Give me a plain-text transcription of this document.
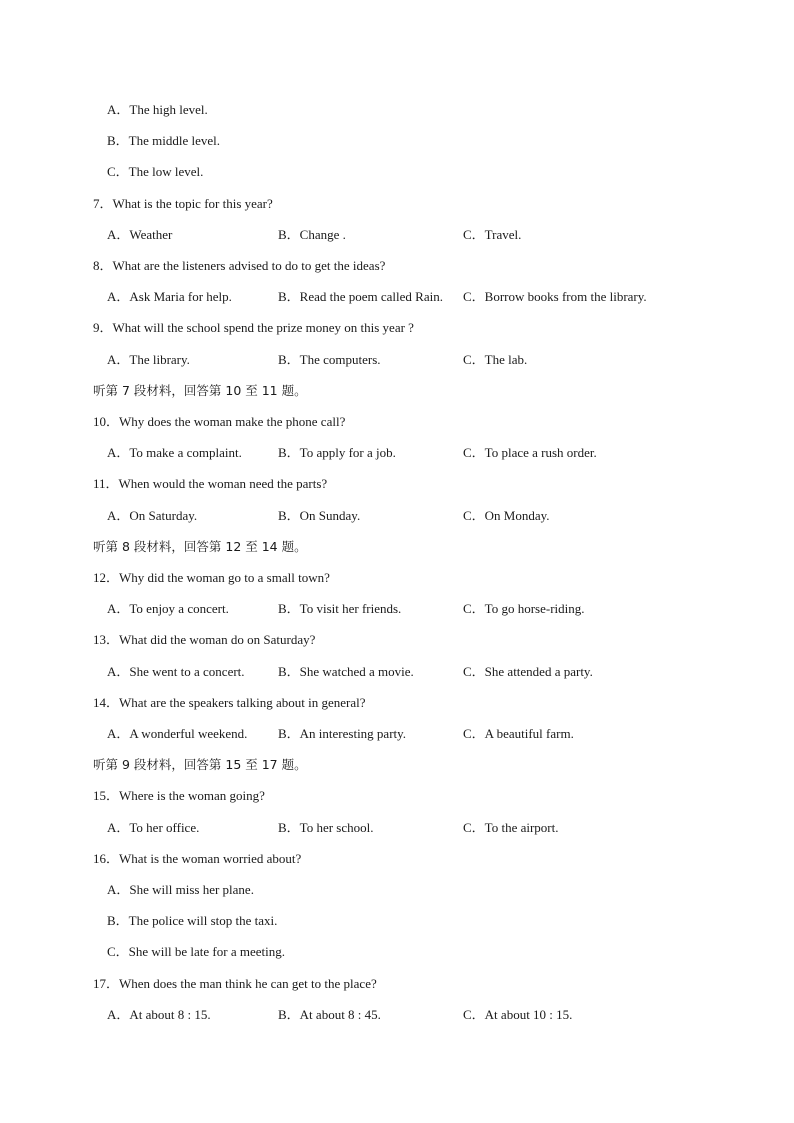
A．The high level.
B．The middle level.
C．The low level.
7．What is the topic for this year?
A．Weather	B．Change .	C．Travel.
8．What are the listeners advised to do to get the ideas?
A．Ask Maria for help.	B．Read the poem called Rain. C．Borrow books from the library.
9．What will the school spend the prize money on this year ?
A．The library.	B．The computers.	C．The lab.
听第 7 段材料，回答第 10 至 11 题。
10．Why does the woman make the phone call?
A．To make a complaint.	B．To apply for a job.	C．To place a rush order.
11．When would the woman need the parts?
A．On Saturday.	B．On Sunday.	C．On Monday.
听第 8 段材料，回答第 12 至 14 题。
12．Why did the woman go to a small town?
A．To enjoy a concert.	B．To visit her friends.	C．To go horse-riding.
13．What did the woman do on Saturday?
A．She went to a concert.	B．She watched a movie.	C．She attended a party.
14．What are the speakers talking about in general?
A．A wonderful weekend. B．An interesting party.	C．A beautiful farm.
听第 9 段材料，回答第 15 至 17 题。
15．Where is the woman going?
A．To her office.	B．To her school.	C．To the airport.
16．What is the woman worried about?
A．She will miss her plane.
B．The police will stop the taxi.
C．She will be late for a meeting.
17．When does the man think he can get to the place?
A．At about 8 : 15.	B．At about 8 : 45.	C．At about 10 : 15.
